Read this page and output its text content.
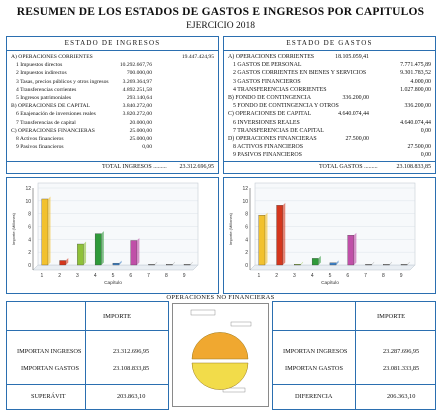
RESUMEN DE LOS ESTADOS DE GASTOS E INGRESOS POR CAPITULOS
EJERCICIO 2018
ESTADO DE INGRESOS
A) OPERACIONES CORRIENTES	19.447.424,95
1 Impuestos directos	10.292.667,76
2 Impuestos indirectos	700.000,00
3 Tasas, precios públicos y otros ingresos	3.269.364,97
4 Transferencias corrientes	4.892.251,58
5 Ingresos patrimoniales	293.140,64
B) OPERACIONES DE CAPITAL	3.840.272,00
6 Enajenación de inversiones reales	3.820.272,00
7 Transferencias de capital	20.000,00
C) OPERACIONES FINANCIERAS	25.000,00
8 Activos financieros	25.000,00
9 Pasivos financieros	0,00
TOTAL INGRESOS ......... 23.312.696,95
ESTADO DE GASTOS
A) OPERACIONES CORRIENTES	18.105.059,41
1 GASTOS DE PERSONAL	7.771.475,89
2 GASTOS CORRIENTES EN BIENES Y SERVICIOS	9.301.783,52
3 GASTOS FINANCIEROS	4.000,00
4 TRANSFERENCIAS CORRIENTES	1.027.800,00
B) FONDO DE CONTINGENCIA	336.200,00
5 FONDO DE CONTINGENCIA Y OTROS	336.200,00
C) OPERACIONES DE CAPITAL	4.640.074,44
6 INVERSIONES REALES	4.640.074,44
7 TRANSFERENCIAS DE CAPITAL	0,00
D) OPERACIONES FINANCIERAS	27.500,00
8 ACTIVOS FINANCIEROS	27.500,00
9 PASIVOS FINANCIEROS	0,00
TOTAL GASTOS .........	23.108.833,85
0
2
4
6
8
10
12
1	2	3	4	5	6	7	8	9
Capítulo
Importe (Millones)
0
2
4
6
8
10
12
1	2	3	4	5	6	7	8	9
Capítulo
Importe (Millones)
OPERACIONES NO FINANCIERAS
IMPORTE
IMPORTAN INGRESOS	23.312.696,95
IMPORTAN GASTOS	23.108.833,85
SUPERÁVIT	203.863,10
IMPORTE
IMPORTAN INGRESOS	23.287.696,95
IMPORTAN GASTOS	23.081.333,85
DIFERENCIA	206.363,10
